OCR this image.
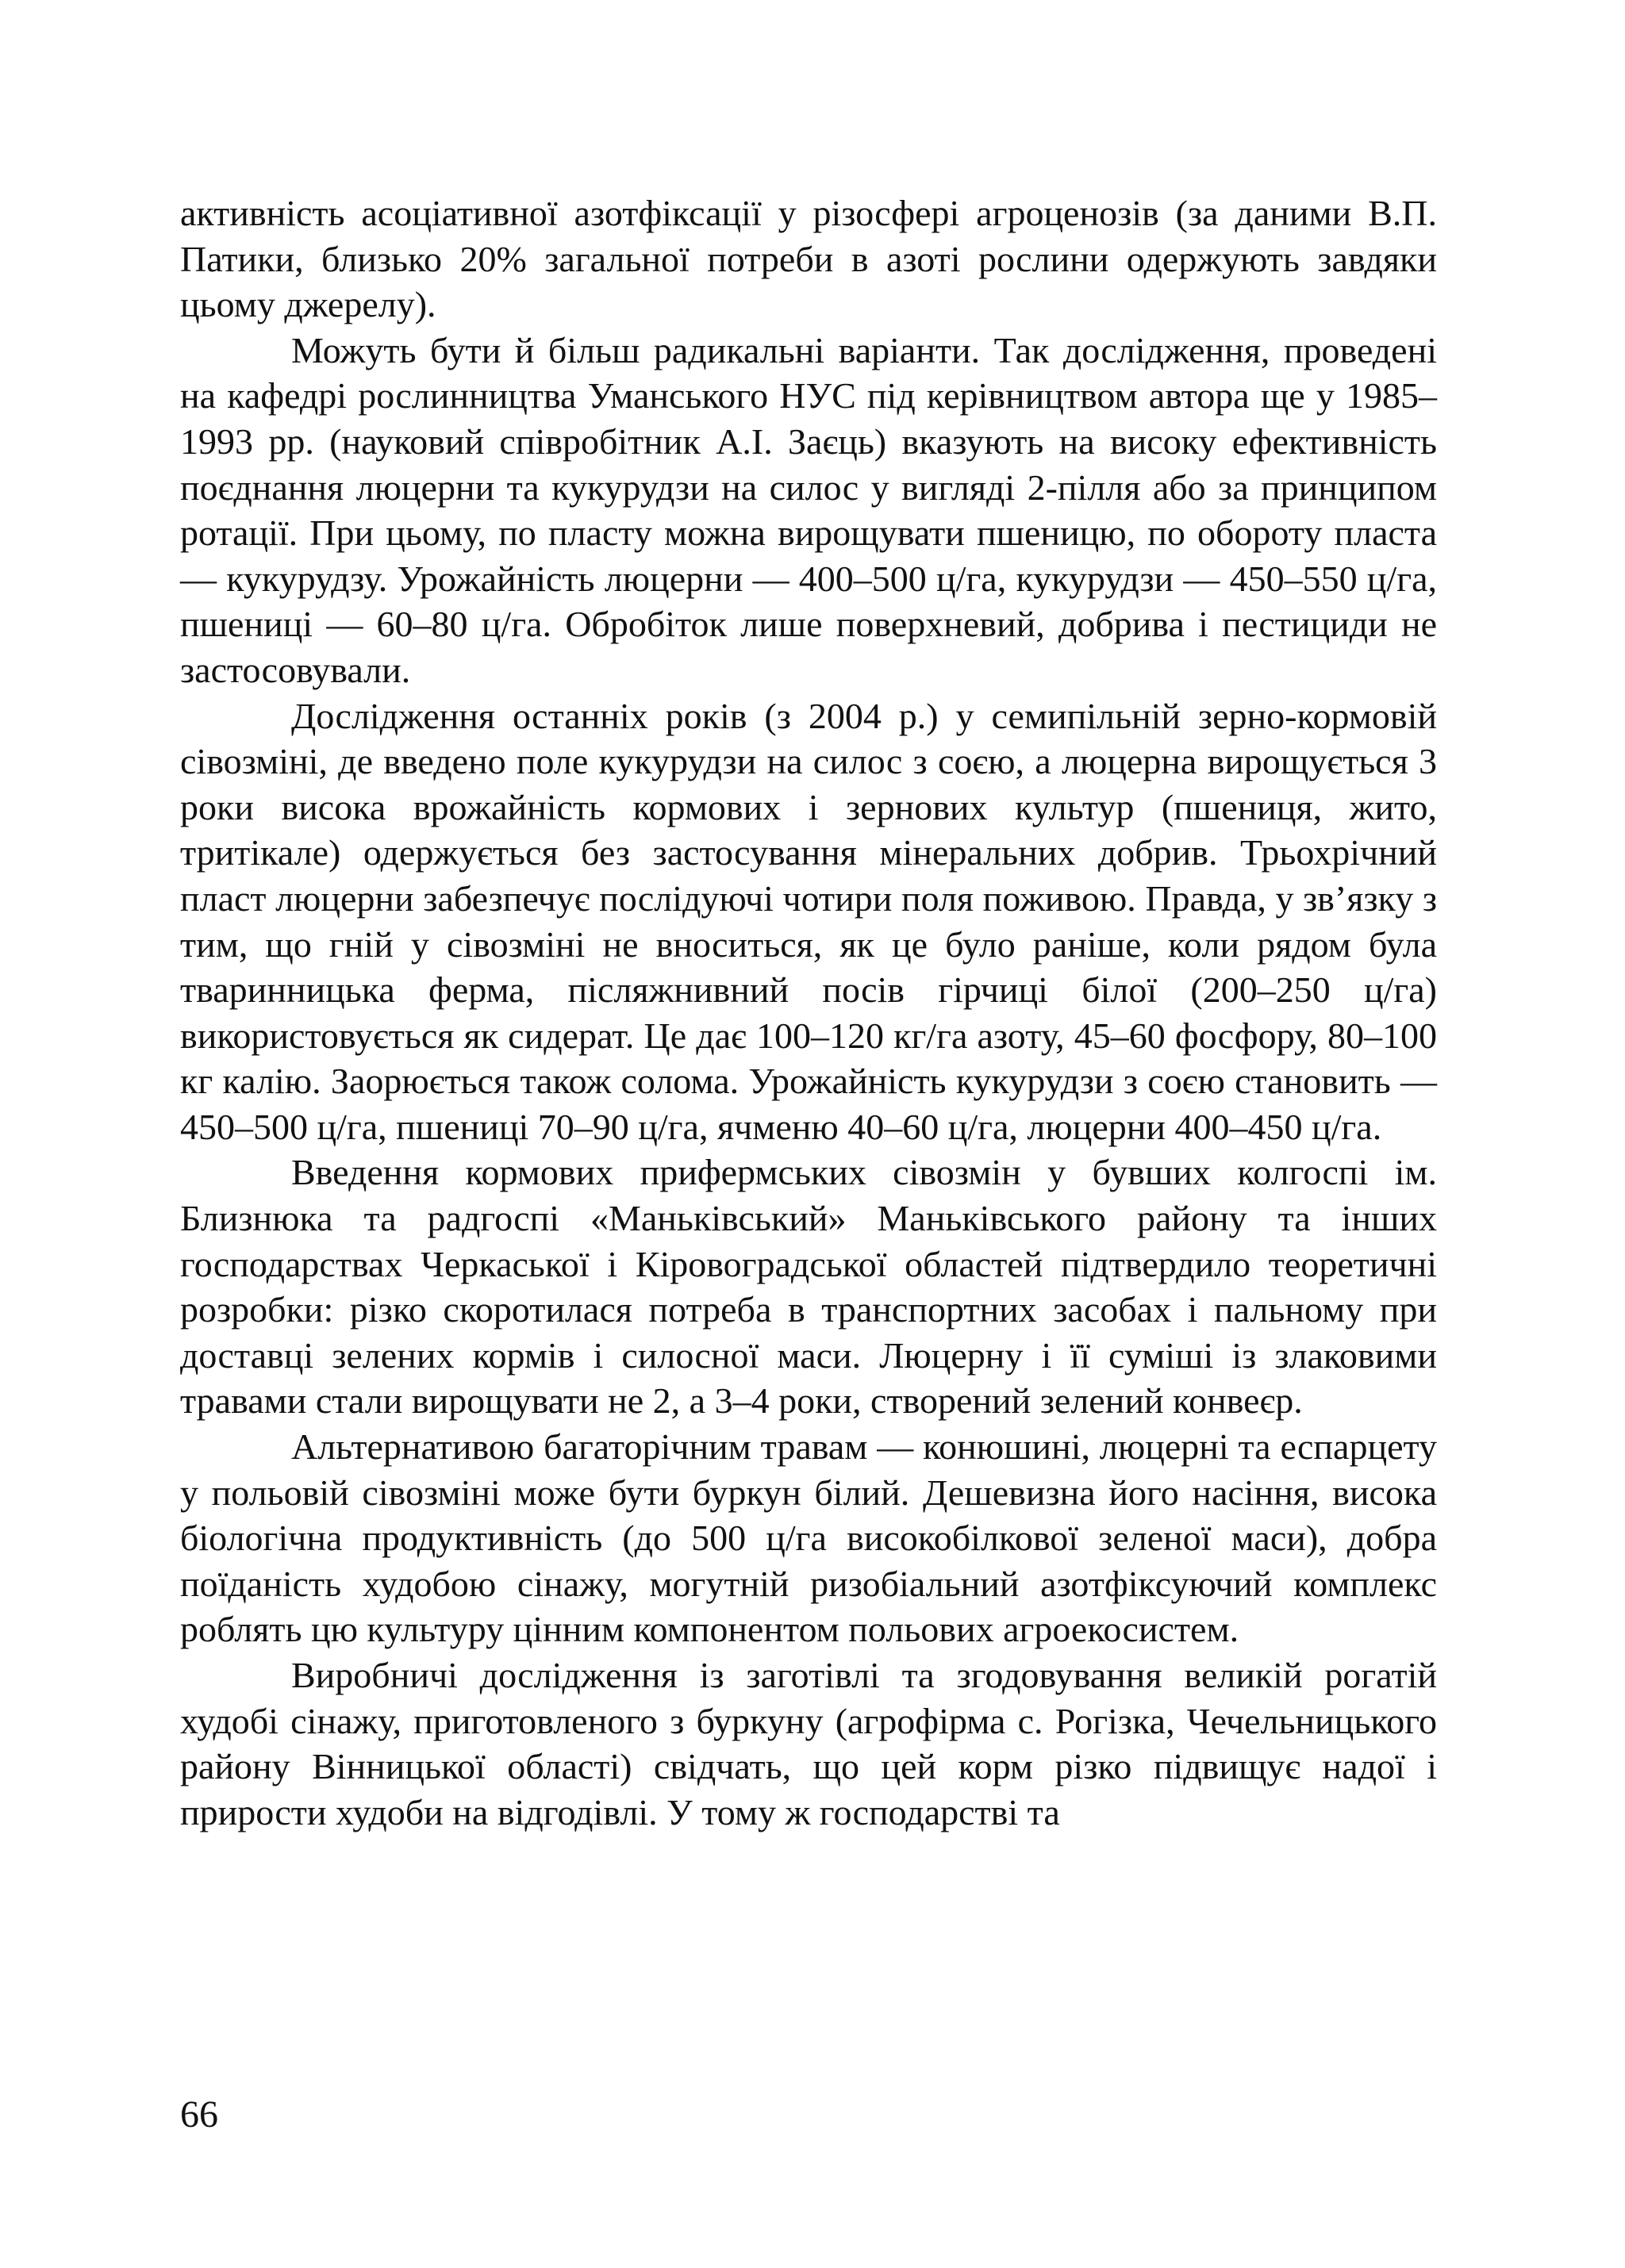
активність асоціативної азотфіксації у різосфері агроценозів (за даними В.П. Патики, близько 20% загальної потреби в азоті рослини одержують завдяки цьому джерелу).

Можуть бути й більш радикальні варіанти. Так дослідження, проведені на кафедрі рослинництва Уманського НУС під керівництвом автора ще у 1985–1993 рр. (науковий співробітник А.І. Заєць) вказують на високу ефективність поєднання люцерни та кукурудзи на силос у вигляді 2-пілля або за принципом ротації. При цьому, по пласту можна вирощувати пшеницю, по обороту пласта — кукурудзу. Урожайність люцерни — 400–500 ц/га, кукурудзи — 450–550 ц/га, пшениці — 60–80 ц/га. Обробіток лише поверхневий, добрива і пестициди не застосовували.

Дослідження останніх років (з 2004 р.) у семипільній зерно-кормовій сівозміні, де введено поле кукурудзи на силос з соєю, а люцерна вирощується 3 роки висока врожайність кормових і зернових культур (пшениця, жито, тритікале) одержується без застосування мінеральних добрив. Трьохрічний пласт люцерни забезпечує послідуючі чотири поля поживою. Правда, у зв’язку з тим, що гній у сівозміні не вноситься, як це було раніше, коли рядом була тваринницька ферма, післяжнивний посів гірчиці білої (200–250 ц/га) використовується як сидерат. Це дає 100–120 кг/га азоту, 45–60 фосфору, 80–100 кг калію. Заорюється також солома. Урожайність кукурудзи з соєю становить — 450–500 ц/га, пшениці 70–90 ц/га, ячменю 40–60 ц/га, люцерни 400–450 ц/га.

Введення кормових прифермських сівозмін у бувших колгоспі ім. Близнюка та радгоспі «Маньківський» Маньківського району та інших господарствах Черкаської і Кіровоградської областей підтвердило теоретичні розробки: різко скоротилася потреба в транспортних засобах і пальному при доставці зелених кормів і силосної маси. Люцерну і її суміші із злаковими травами стали вирощувати не 2, а 3–4 роки, створений зелений конвеєр.

Альтернативою багаторічним травам — конюшині, люцерні та еспарцету у польовій сівозміні може бути буркун білий. Дешевизна його насіння, висока біологічна продуктивність (до 500 ц/га високобілкової зеленої маси), добра поїданість худобою сінажу, могутній ризобіальний азотфіксуючий комплекс роблять цю культуру цінним компонентом польових агроекосистем.

Виробничі дослідження із заготівлі та згодовування великій рогатій худобі сінажу, приготовленого з буркуну (агрофірма с. Рогізка, Чечельницького району Вінницької області) свідчать, що цей корм різко підвищує надої і прирости худоби на відгодівлі. У тому ж господарстві та

66
